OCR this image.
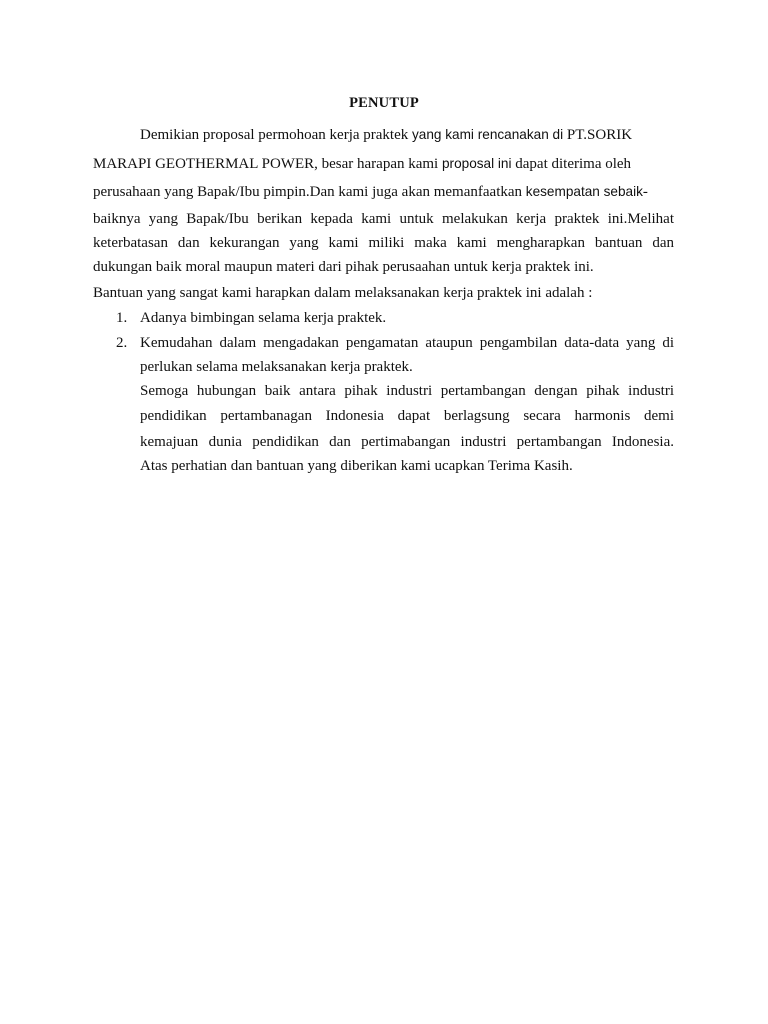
PENUTUP
Demikian proposal permohoan kerja praktek yang kami rencanakan di PT.SORIK
MARAPI GEOTHERMAL POWER, besar harapan kami proposal ini dapat diterima oleh
perusahaan yang Bapak/Ibu pimpin.Dan kami juga akan memanfaatkan kesempatan sebaik-
baiknya yang Bapak/Ibu berikan kepada kami untuk melakukan kerja praktek ini.Melihat
keterbatasan dan kekurangan yang kami miliki maka kami mengharapkan bantuan dan
dukungan baik moral maupun materi dari pihak perusaahan untuk kerja praktek ini.
Bantuan yang sangat kami harapkan dalam melaksanakan kerja praktek ini adalah :
1. Adanya bimbingan selama kerja praktek.
2. Kemudahan dalam mengadakan pengamatan ataupun pengambilan data-data yang di
perlukan selama melaksanakan kerja praktek.
Semoga hubungan baik antara pihak industri pertambangan dengan pihak industri
pendidikan pertambanagan Indonesia dapat berlagsung secara harmonis demi
kemajuan dunia pendidikan dan pertimabangan industri pertambangan Indonesia.
Atas perhatian dan bantuan yang diberikan kami ucapkan Terima Kasih.
